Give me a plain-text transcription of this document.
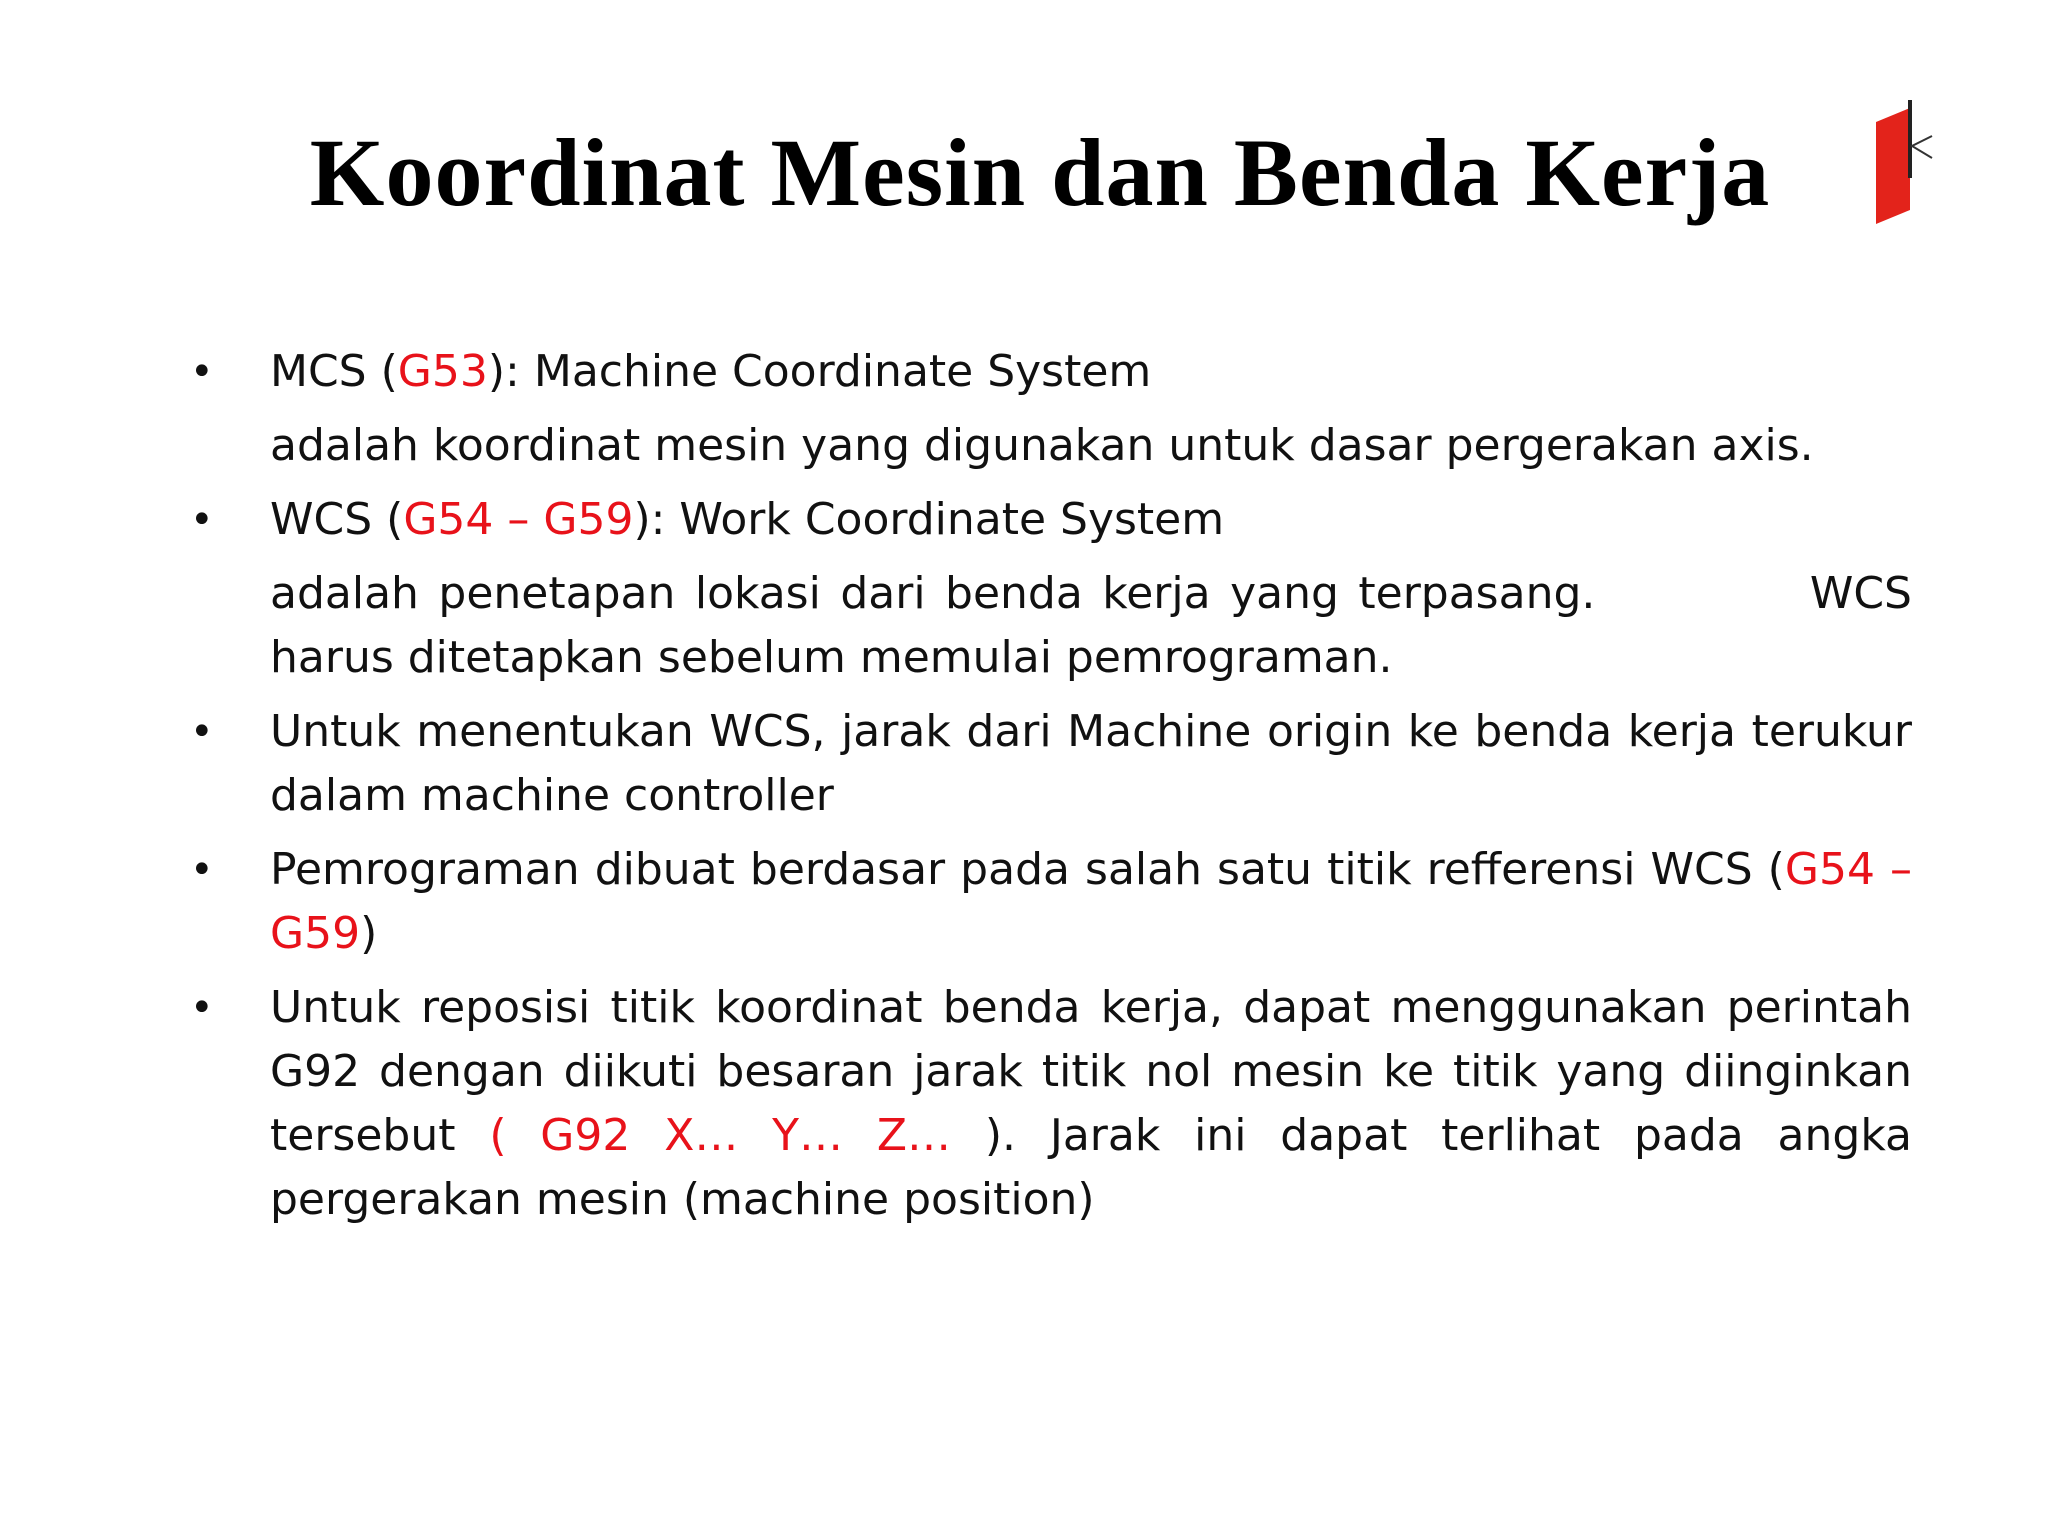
Koordinat Mesin dan Benda Kerja
• MCS (G53): Machine Coordinate System
adalah koordinat mesin yang digunakan untuk dasar pergerakan axis.
• WCS (G54 – G59): Work Coordinate System
adalah penetapan lokasi dari benda kerja yang terpasang.           WCS harus ditetapkan sebelum memulai pemrograman.
• Untuk menentukan WCS, jarak dari Machine origin ke benda kerja terukur dalam machine controller
• Pemrograman dibuat berdasar pada salah satu titik refferensi WCS (G54 – G59)
• Untuk reposisi titik koordinat benda kerja, dapat menggunakan perintah G92 dengan diikuti besaran jarak titik nol mesin ke titik yang diinginkan tersebut ( G92 X… Y… Z… ). Jarak ini dapat terlihat pada angka pergerakan mesin (machine position)
